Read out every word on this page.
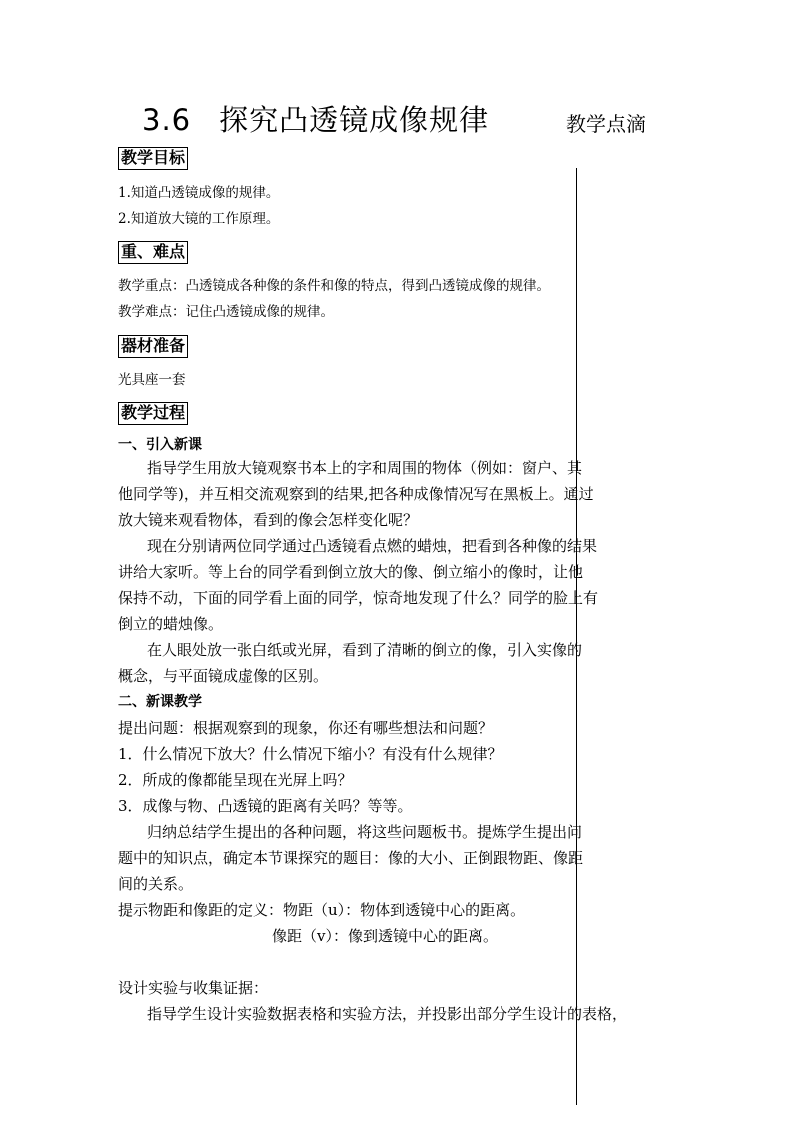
3.6 探究凸透镜成像规律	教学点滴
教学目标
1.知道凸透镜成像的规律。
2.知道放大镜的工作原理。
重、难点
教学重点：凸透镜成各种像的条件和像的特点，得到凸透镜成像的规律。
教学难点：记住凸透镜成像的规律。
器材准备
光具座一套
教学过程
一、引入新课
指导学生用放大镜观察书本上的字和周围的物体（例如：窗户、其
他同学等)，并互相交流观察到的结果,把各种成像情况写在黑板上。通过
放大镜来观看物体，看到的像会怎样变化呢？
现在分别请两位同学通过凸透镜看点燃的蜡烛，把看到各种像的结果
讲给大家听。等上台的同学看到倒立放大的像、倒立缩小的像时，让他
保持不动，下面的同学看上面的同学，惊奇地发现了什么？同学的脸上有
倒立的蜡烛像。
在人眼处放一张白纸或光屏，看到了清晰的倒立的像，引入实像的
概念，与平面镜成虚像的区别。
二、新课教学
提出问题：根据观察到的现象，你还有哪些想法和问题？
1．什么情况下放大？什么情况下缩小？有没有什么规律？
2．所成的像都能呈现在光屏上吗？
3．成像与物、凸透镜的距离有关吗？等等。
归纳总结学生提出的各种问题，将这些问题板书。提炼学生提出问
题中的知识点，确定本节课探究的题目：像的大小、正倒跟物距、像距
间的关系。
提示物距和像距的定义：物距（u）：物体到透镜中心的距离。
像距（v）：像到透镜中心的距离。
设计实验与收集证据：
指导学生设计实验数据表格和实验方法，并投影出部分学生设计的表格，
